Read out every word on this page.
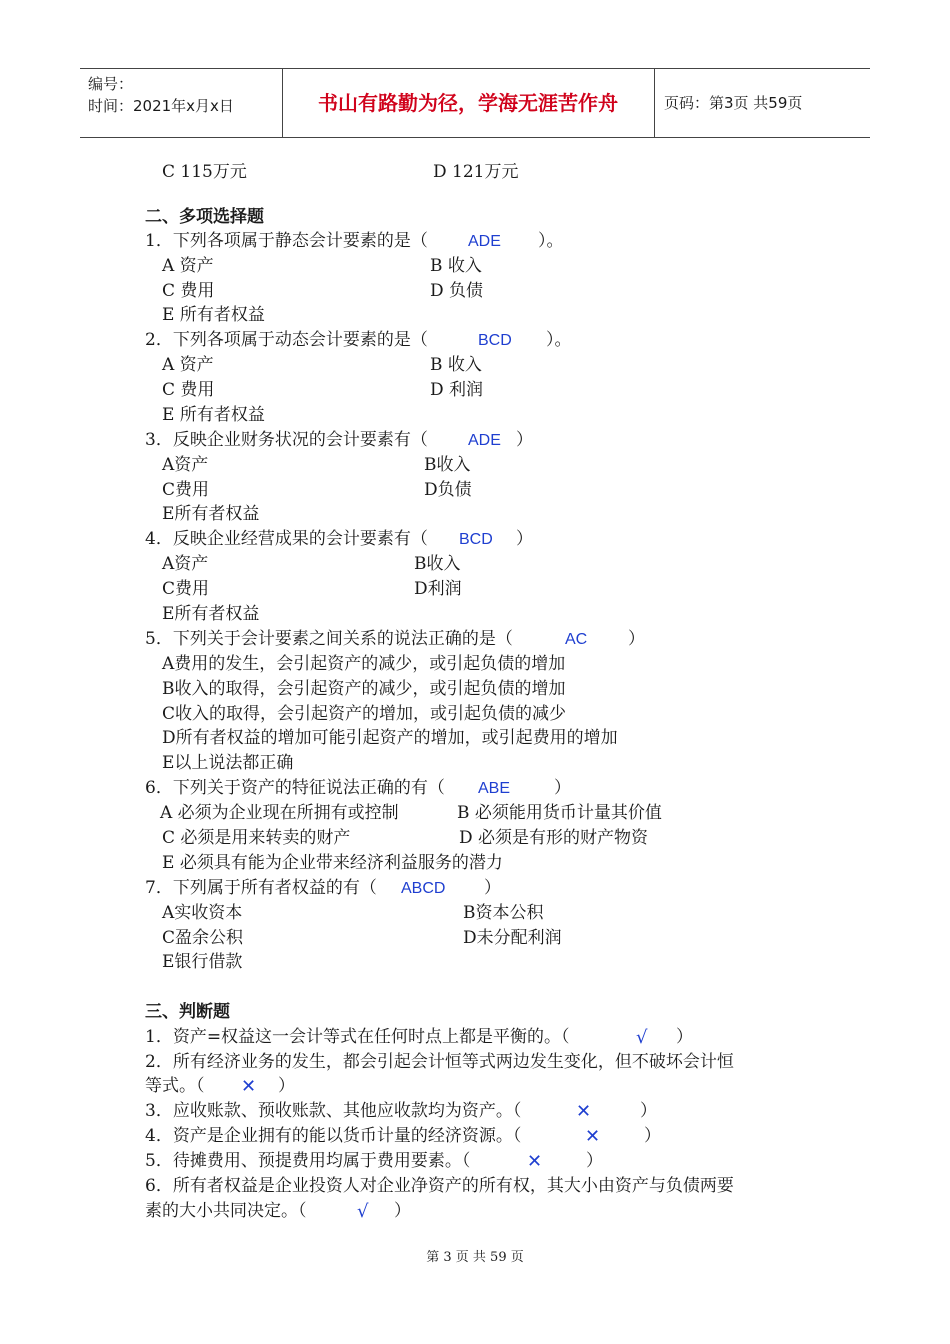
编号：
时间：2021年x月x日	书山有路勤为径，学海无涯苦作舟	页码：第3页 共59页
C 115万元	D 121万元
二、多项选择题
1．下列各项属于静态会计要素的是（	ADE ）。
A 资产	B 收入
C 费用	D 负债
E 所有者权益
2．下列各项属于动态会计要素的是（	BCD ）。
A 资产	B 收入
C 费用	D 利润
E 所有者权益
3．反映企业财务状况的会计要素有（	ADE ）
A资产	B收入
C费用	D负债
E所有者权益
4．反映企业经营成果的会计要素有（ BCD ）
A资产	B收入
C费用	D利润
E所有者权益
5．下列关于会计要素之间关系的说法正确的是（	AC ）
A费用的发生，会引起资产的减少，或引起负债的增加
B收入的取得，会引起资产的减少，或引起负债的增加
C收入的取得，会引起资产的增加，或引起负债的减少
D所有者权益的增加可能引起资产的增加，或引起费用的增加
E以上说法都正确
6．下列关于资产的特征说法正确的有（ ABE	）
A 必须为企业现在所拥有或控制	B 必须能用货币计量其价值
C 必须是用来转卖的财产	D 必须是有形的财产物资
E 必须具有能为企业带来经济利益服务的潜力
7．下列属于所有者权益的有（ ABCD ）
A实收资本	B资本公积
C盈余公积	D未分配利润
E银行借款
三、判断题
1．资产=权益这一会计等式在任何时点上都是平衡的。（	√ ）
2．所有经济业务的发生，都会引起会计恒等式两边发生变化，但不破坏会计恒
等式。（ ✕ ）
3．应收账款、预收账款、其他应收款均为资产。（	✕	）
4．资产是企业拥有的能以货币计量的经济资源。（	✕	）
5．待摊费用、预提费用均属于费用要素。（	✕	）
6．所有者权益是企业投资人对企业净资产的所有权，其大小由资产与负债两要
素的大小共同决定。（	√ ）
第 3 页 共 59 页
